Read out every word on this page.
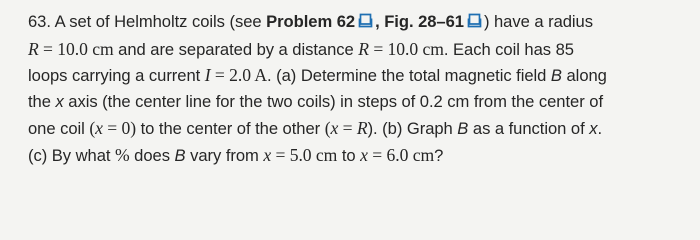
63. A set of Helmholtz coils (see Problem 62 , Fig. 28–61 ) have a radius
R = 10.0 cm and are separated by a distance R = 10.0 cm. Each coil has 85
loops carrying a current I = 2.0 A. (a) Determine the total magnetic field B along
the x axis (the center line for the two coils) in steps of 0.2 cm from the center of
one coil (x = 0) to the center of the other (x = R). (b) Graph B as a function of x.
(c) By what % does B vary from x = 5.0 cm to x = 6.0 cm?
